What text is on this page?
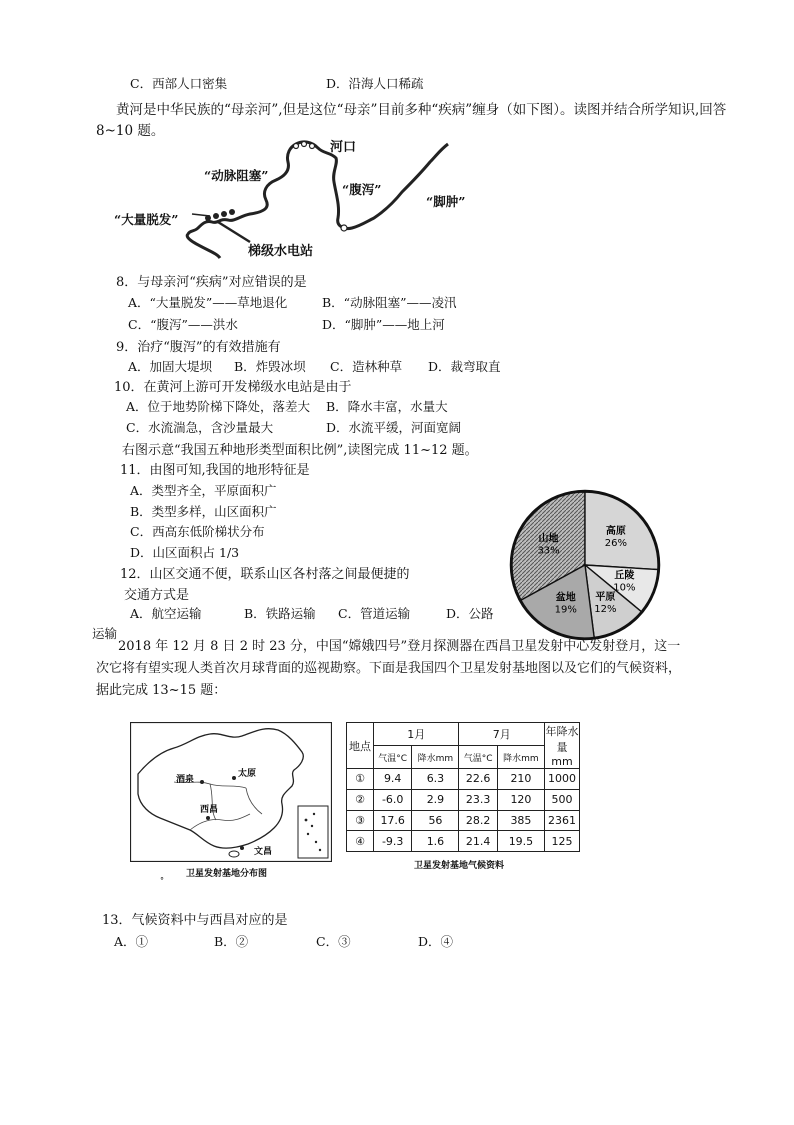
C．西部人口密集	D．沿海人口稀疏
黄河是中华民族的“母亲河”,但是这位“母亲”目前多种“疾病”缠身（如下图）。读图并结合所学知识,回答
8~10 题。
河口
“动脉阻塞”
“腹泻”
“脚肿”
“大量脱发”
梯级水电站
8．与母亲河“疾病”对应错误的是
A．“大量脱发”——草地退化	B．“动脉阻塞”——凌汛
C．“腹泻”——洪水	D．“脚肿”——地上河
9．治疗“腹泻”的有效措施有
A．加固大堤坝 B．炸毁冰坝 C．造林种草 D．裁弯取直
10．在黄河上游可开发梯级水电站是由于
A．位于地势阶梯下降处，落差大 B．降水丰富，水量大
C．水流湍急，含沙量最大	D．水流平缓，河面宽阔
右图示意“我国五种地形类型面积比例”,读图完成 11~12 题。
11．由图可知,我国的地形特征是
A．类型齐全，平原面积广
B．类型多样，山区面积广
C．西高东低阶梯状分布
D．山区面积占 1/3
12．山区交通不便，联系山区各村落之间最便捷的
交通方式是
A．航空运输	B．铁路运输 C．管道运输	D．公路
运输
山地
33%
高原
26%
丘陵
10%
平原
12%
盆地
19%
2018 年 12 月 8 日 2 时 23 分，中国“嫦娥四号”登月探测器在西昌卫星发射中心发射登月，这一次它将有望实现人类首次月球背面的巡视勘察。下面是我国四个卫星发射基地图以及它们的气候资料，据此完成 13~15 题：
酒泉
太原
西昌
文昌
卫星发射基地分布图
°
地点	1月		7月		年降水量
mm

	气温°C	降水mm	气温°C	降水mm	
①	9.4	6.3	22.6	210	1000
②	-6.0	2.9	23.3	120	500
③	17.6	56	28.2	385	2361
④	-9.3	1.6	21.4	19.5	125
卫星发射基地气候资料
13．气候资料中与西昌对应的是
A．①	B．②	C．③	D．④
